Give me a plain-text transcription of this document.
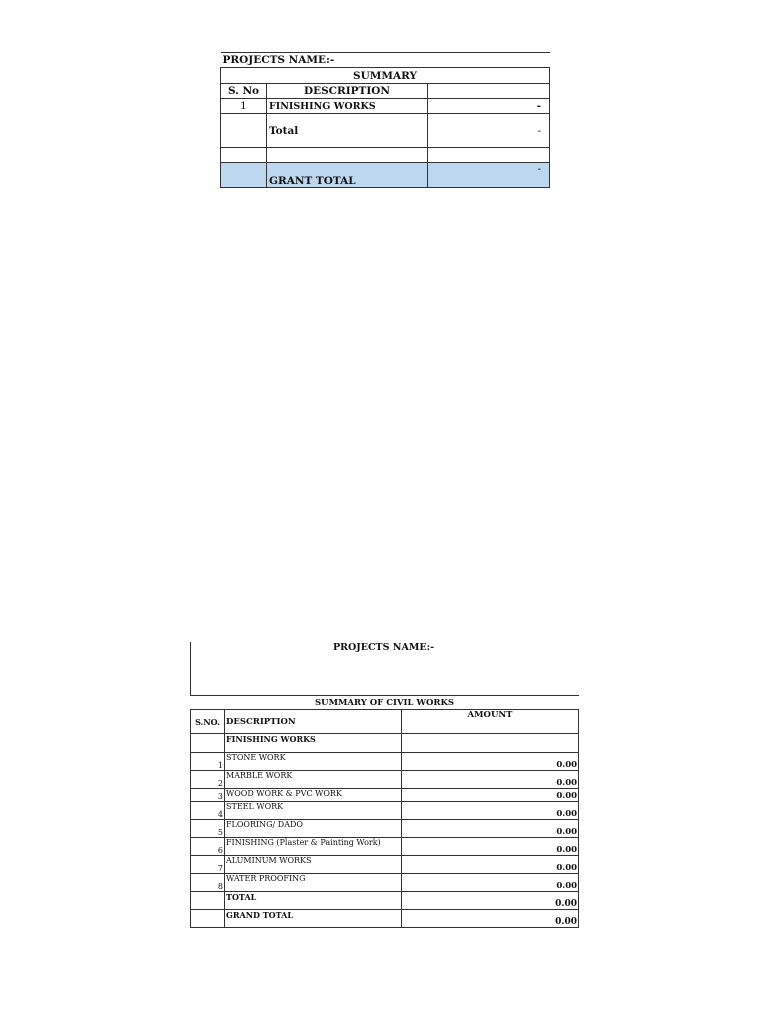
PROJECTS NAME:-		
SUMMARY		
S. No	DESCRIPTION	
1	FINISHING WORKS	-
	Total	-

	GRANT TOTAL	-
PROJECTS NAME:-
SUMMARY OF CIVIL WORKS		
S.NO.	DESCRIPTION	AMOUNT
	FINISHING WORKS	
1	STONE WORK	0.00
2	MARBLE WORK	0.00
3	WOOD WORK & PVC WORK	0.00
4	STEEL WORK	0.00
5	FLOORING/ DADO	0.00
6	FINISHING (Plaster & Painting Work)	0.00
7	ALUMINUM WORKS	0.00
8	WATER PROOFING	0.00
	TOTAL	0.00
	GRAND TOTAL	0.00
